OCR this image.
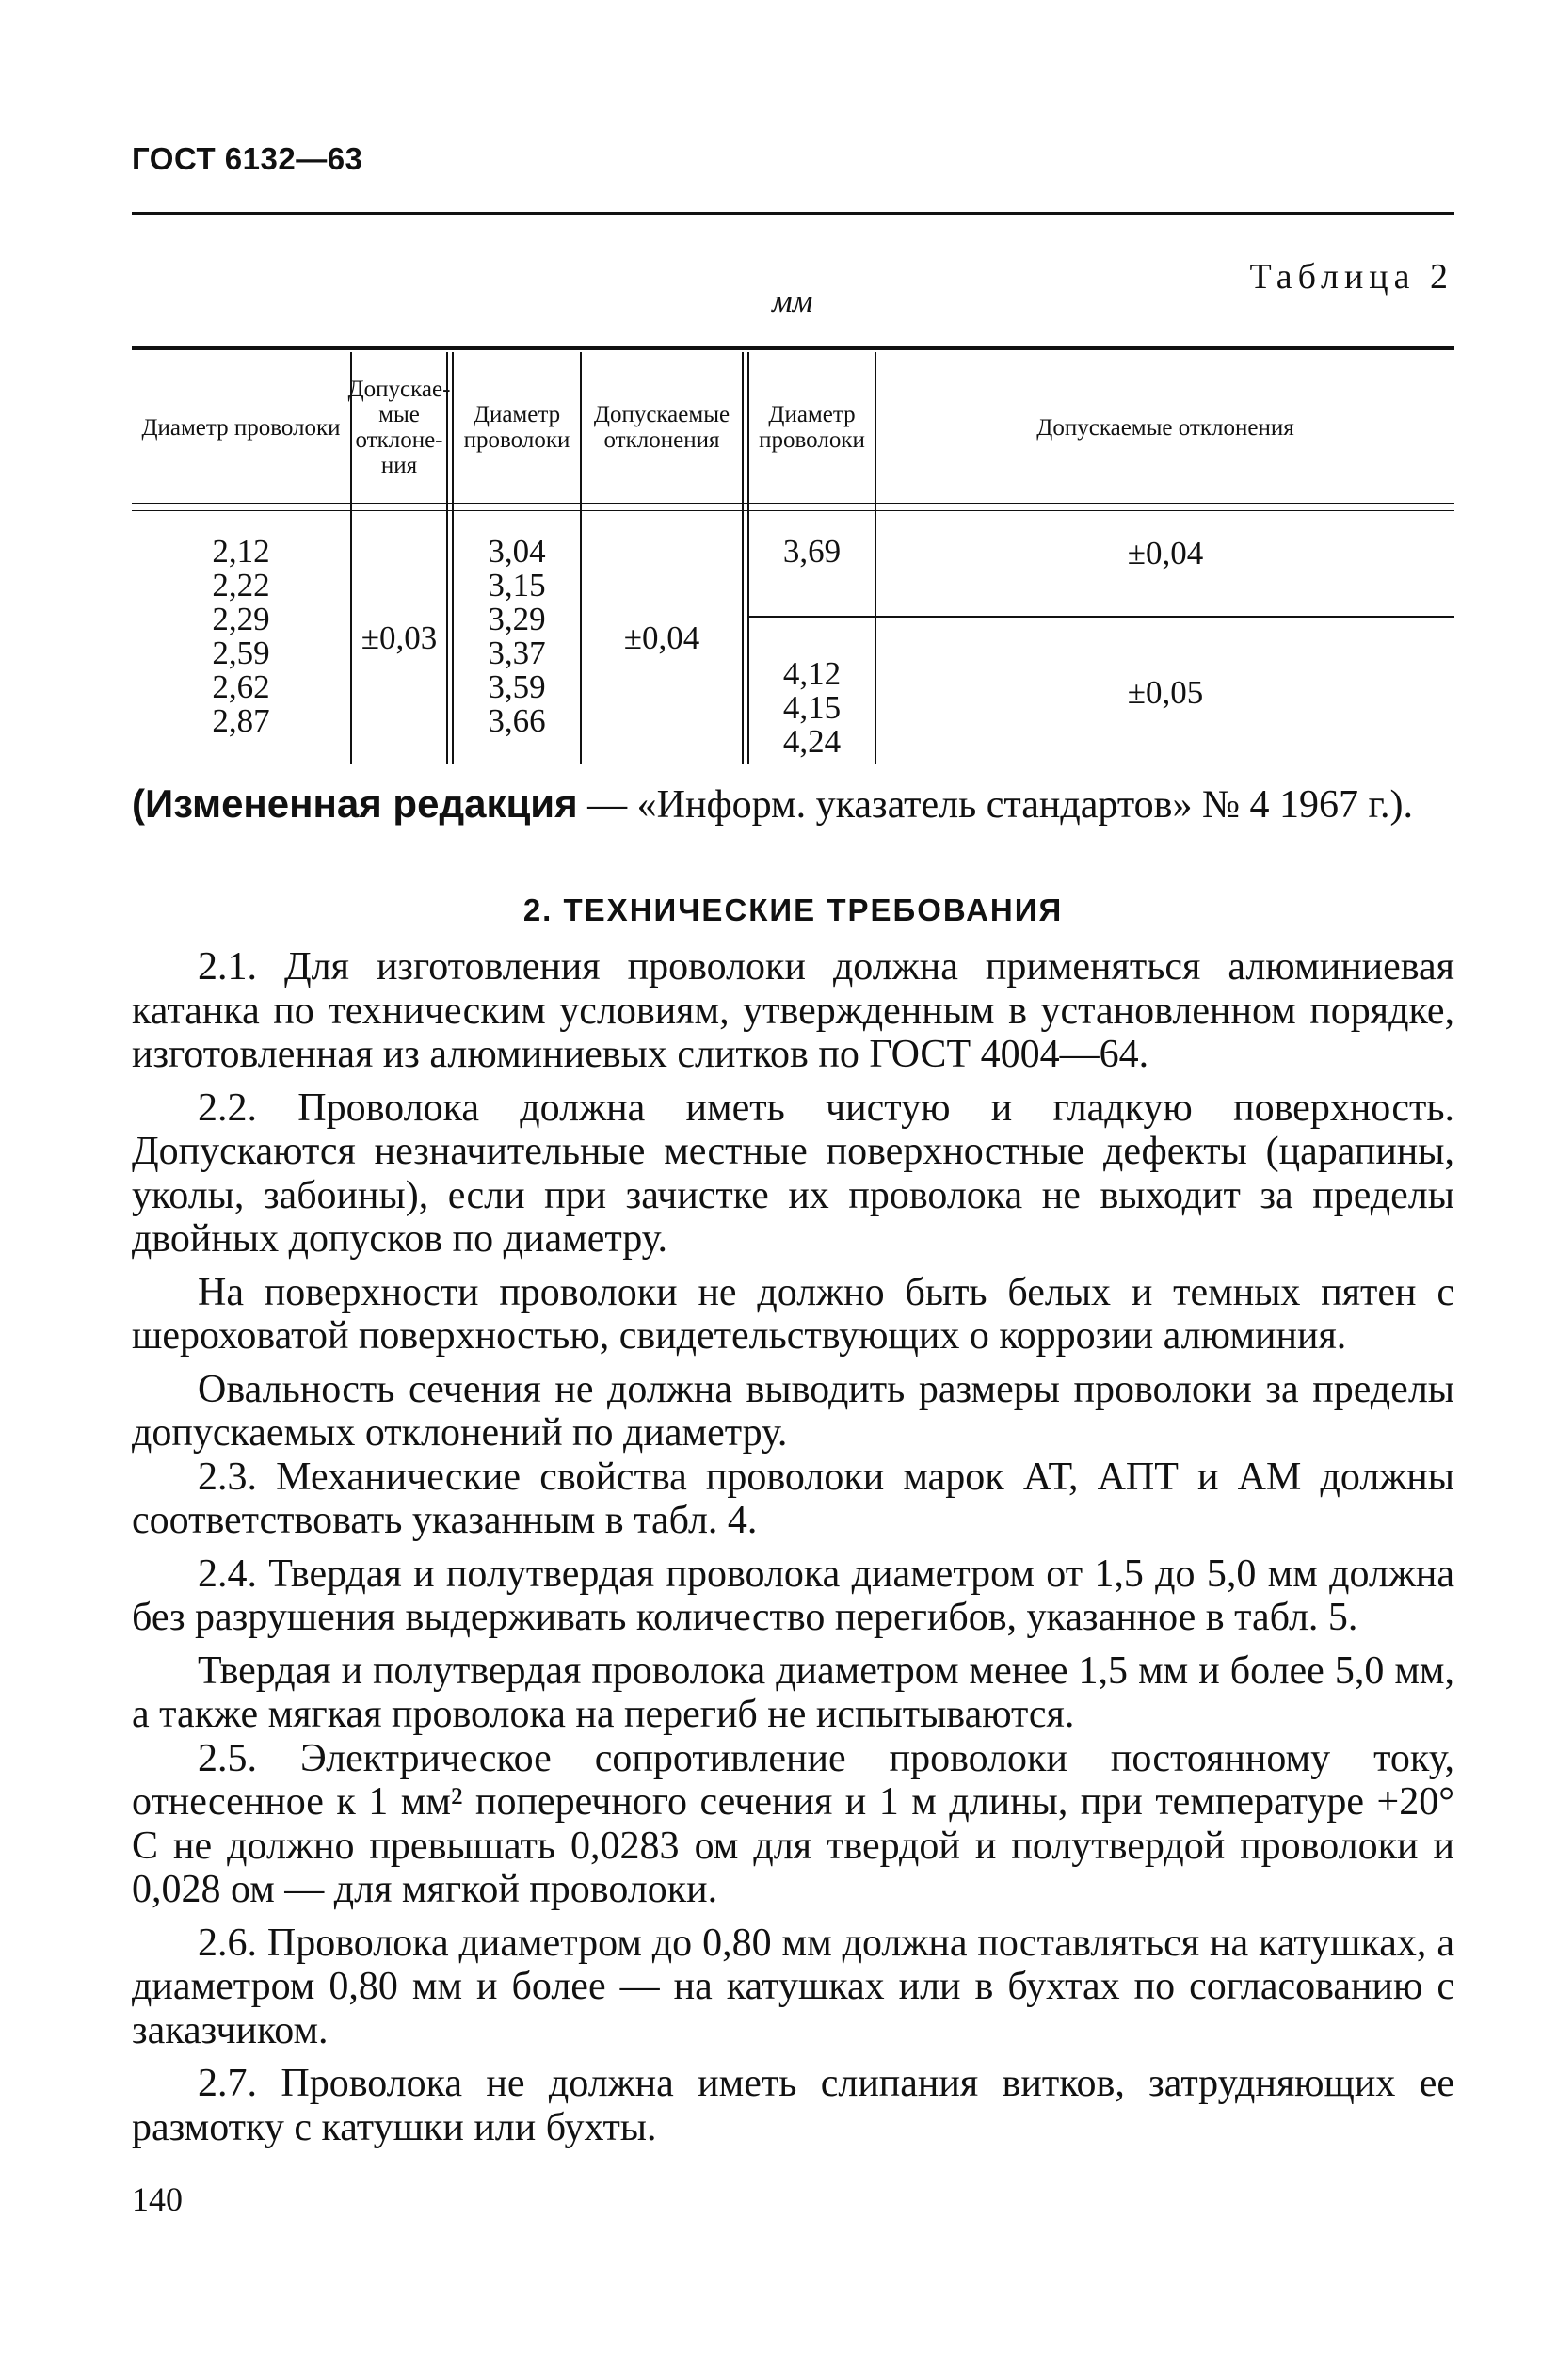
ГОСТ 6132—63
Таблица 2
мм
Диаметр проволоки
Допускае-мые отклоне-ния
Диаметр проволоки
Допускаемые отклонения
Диаметр проволоки	Допускаемые отклонения
2,12
2,22
2,29
2,59
2,62
2,87
±0,03
3,04
3,15
3,29
3,37
3,59
3,66
±0,04
3,69	±0,04
4,12
4,15
4,24
±0,05
(Измененная редакция — «Информ. указатель стандартов» № 4 1967 г.).
2. ТЕХНИЧЕСКИЕ ТРЕБОВАНИЯ

2.1. Для изготовления проволоки должна применяться алюминиевая катанка по техническим условиям, утвержденным в установленном порядке, изготовленная из алюминиевых слитков по ГОСТ 4004—64.

2.2. Проволока должна иметь чистую и гладкую поверхность. Допускаются незначительные местные поверхностные дефекты (царапины, уколы, забоины), если при зачистке их проволока не выходит за пределы двойных допусков по диаметру.

На поверхности проволоки не должно быть белых и темных пятен с шероховатой поверхностью, свидетельствующих о коррозии алюминия.

Овальность сечения не должна выводить размеры проволоки за пределы допускаемых отклонений по диаметру.

2.3. Механические свойства проволоки марок АТ, АПТ и АМ должны соответствовать указанным в табл. 4.

2.4. Твердая и полутвердая проволока диаметром от 1,5 до 5,0 мм должна без разрушения выдерживать количество перегибов, указанное в табл. 5.

Твердая и полутвердая проволока диаметром менее 1,5 мм и более 5,0 мм, а также мягкая проволока на перегиб не испытываются.

2.5. Электрическое сопротивление проволоки постоянному току, отнесенное к 1 мм² поперечного сечения и 1 м длины, при температуре +20° С не должно превышать 0,0283 ом для твердой и полутвердой проволоки и 0,028 ом — для мягкой проволоки.

2.6. Проволока диаметром до 0,80 мм должна поставляться на катушках, а диаметром 0,80 мм и более — на катушках или в бухтах по согласованию с заказчиком.

2.7. Проволока не должна иметь слипания витков, затрудняющих ее размотку с катушки или бухты.

140
